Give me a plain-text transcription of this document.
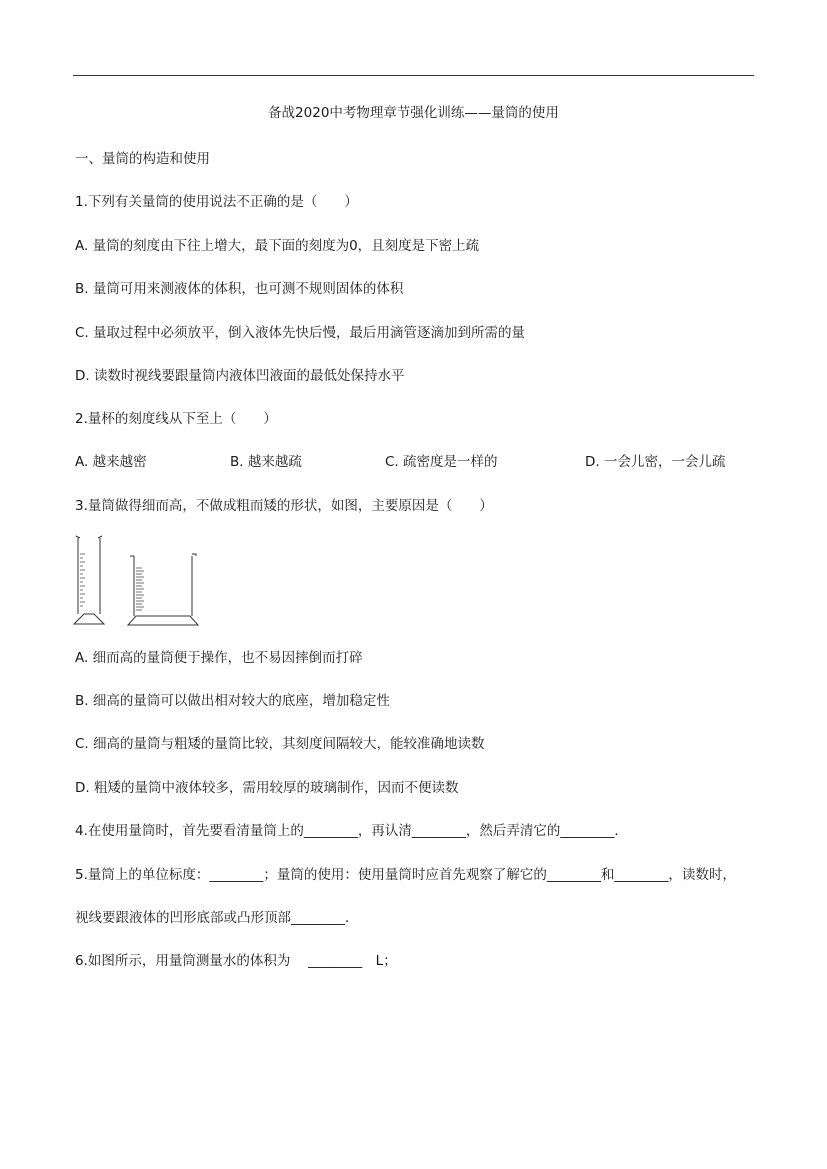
备战2020中考物理章节强化训练——量筒的使用
一、量筒的构造和使用
1.下列有关量筒的使用说法不正确的是（　　）
A. 量筒的刻度由下往上增大，最下面的刻度为0，且刻度是下密上疏
B. 量筒可用来测液体的体积，也可测不规则固体的体积
C. 量取过程中必须放平，倒入液体先快后慢，最后用滴管逐滴加到所需的量
D. 读数时视线要跟量筒内液体凹液面的最低处保持水平
2.量杯的刻度线从下至上（　　）
A. 越来越密	B. 越来越疏	C. 疏密度是一样的	D. 一会儿密，一会儿疏
3.量筒做得细而高，不做成粗而矮的形状，如图，主要原因是（　　）
A. 细而高的量筒便于操作，也不易因摔倒而打碎
B. 细高的量筒可以做出相对较大的底座，增加稳定性
C. 细高的量筒与粗矮的量筒比较，其刻度间隔较大，能较准确地读数
D. 粗矮的量筒中液体较多，需用较厚的玻璃制作，因而不便读数
4.在使用量筒时，首先要看清量筒上的________，再认清________，然后弄清它的________．
5.量筒上的单位标度：________；量筒的使用：使用量筒时应首先观察了解它的________和________，读数时，
视线要跟液体的凹形底部或凸形顶部________．
6.如图所示，用量筒测量水的体积为　 ________　L；
